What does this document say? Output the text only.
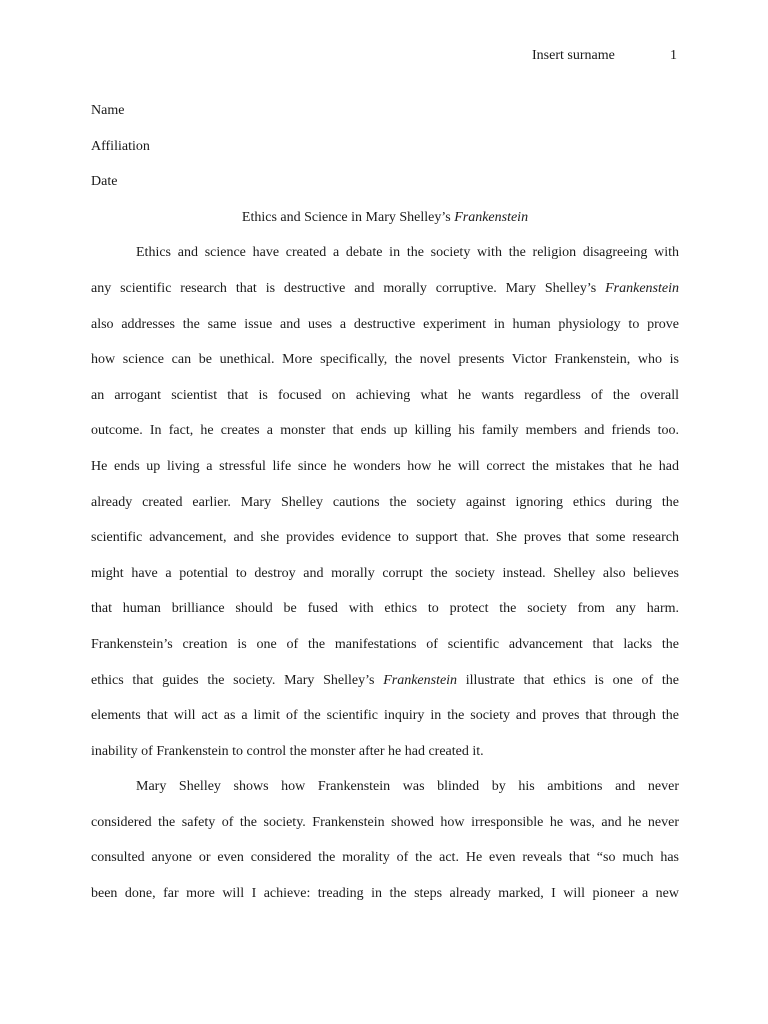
Insert surname	1
Name
Affiliation
Date
Ethics and Science in Mary Shelley’s Frankenstein
Ethics and science have created a debate in the society with the religion disagreeing with
any scientific research that is destructive and morally corruptive. Mary Shelley’s Frankenstein
also addresses the same issue and uses a destructive experiment in human physiology to prove
how science can be unethical. More specifically, the novel presents Victor Frankenstein, who is
an arrogant scientist that is focused on achieving what he wants regardless of the overall
outcome. In fact, he creates a monster that ends up killing his family members and friends too.
He ends up living a stressful life since he wonders how he will correct the mistakes that he had
already created earlier. Mary Shelley cautions the society against ignoring ethics during the
scientific advancement, and she provides evidence to support that. She proves that some research
might have a potential to destroy and morally corrupt the society instead. Shelley also believes
that human brilliance should be fused with ethics to protect the society from any harm.
Frankenstein’s creation is one of the manifestations of scientific advancement that lacks the
ethics that guides the society. Mary Shelley’s Frankenstein illustrate that ethics is one of the
elements that will act as a limit of the scientific inquiry in the society and proves that through the
inability of Frankenstein to control the monster after he had created it.
Mary Shelley shows how Frankenstein was blinded by his ambitions and never
considered the safety of the society. Frankenstein showed how irresponsible he was, and he never
consulted anyone or even considered the morality of the act. He even reveals that “so much has
been done, far more will I achieve: treading in the steps already marked, I will pioneer a new
